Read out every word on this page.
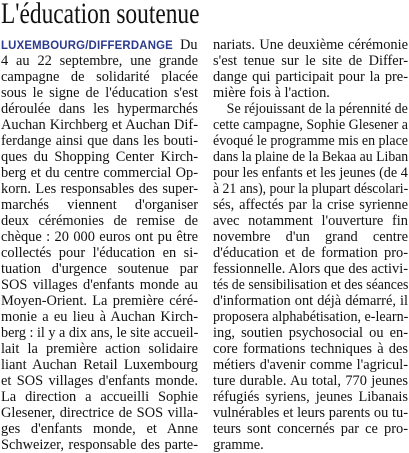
L'éducation soutenue
LUXEMBOURG/DIFFERDANGE Du
4 au 22 septembre, une grande
campagne de solidarité placée
sous le signe de l'éducation s'est
déroulée dans les hypermarchés
Auchan Kirchberg et Auchan Dif-
ferdange ainsi que dans les bouti-
ques du Shopping Center Kirch-
berg et du centre commercial Op-
korn. Les responsables des super-
marchés viennent d'organiser
deux cérémonies de remise de
chèque : 20 000 euros ont pu être
collectés pour l'éducation en si-
tuation d'urgence soutenue par
SOS villages d'enfants monde au
Moyen-Orient. La première céré-
monie a eu lieu à Auchan Kirch-
berg : il y a dix ans, le site accueil-
lait la première action solidaire
liant Auchan Retail Luxembourg
et SOS villages d'enfants monde.
La direction a accueilli Sophie
Glesener, directrice de SOS villa-
ges d'enfants monde, et Anne
Schweizer, responsable des parte-
nariats. Une deuxième cérémonie
s'est tenue sur le site de Differ-
dange qui participait pour la pre-
mière fois à l'action.
Se réjouissant de la pérennité de
cette campagne, Sophie Glesener a
évoqué le programme mis en place
dans la plaine de la Bekaa au Liban
pour les enfants et les jeunes (de 4
à 21 ans), pour la plupart déscolari-
sés, affectés par la crise syrienne
avec notamment l'ouverture fin
novembre d'un grand centre
d'éducation et de formation pro-
fessionnelle. Alors que des activi-
tés de sensibilisation et des séances
d'information ont déjà démarré, il
proposera alphabétisation, e-learn-
ing, soutien psychosocial ou en-
core formations techniques à des
métiers d'avenir comme l'agricul-
ture durable. Au total, 770 jeunes
réfugiés syriens, jeunes Libanais
vulnérables et leurs parents ou tu-
teurs sont concernés par ce pro-
gramme.
